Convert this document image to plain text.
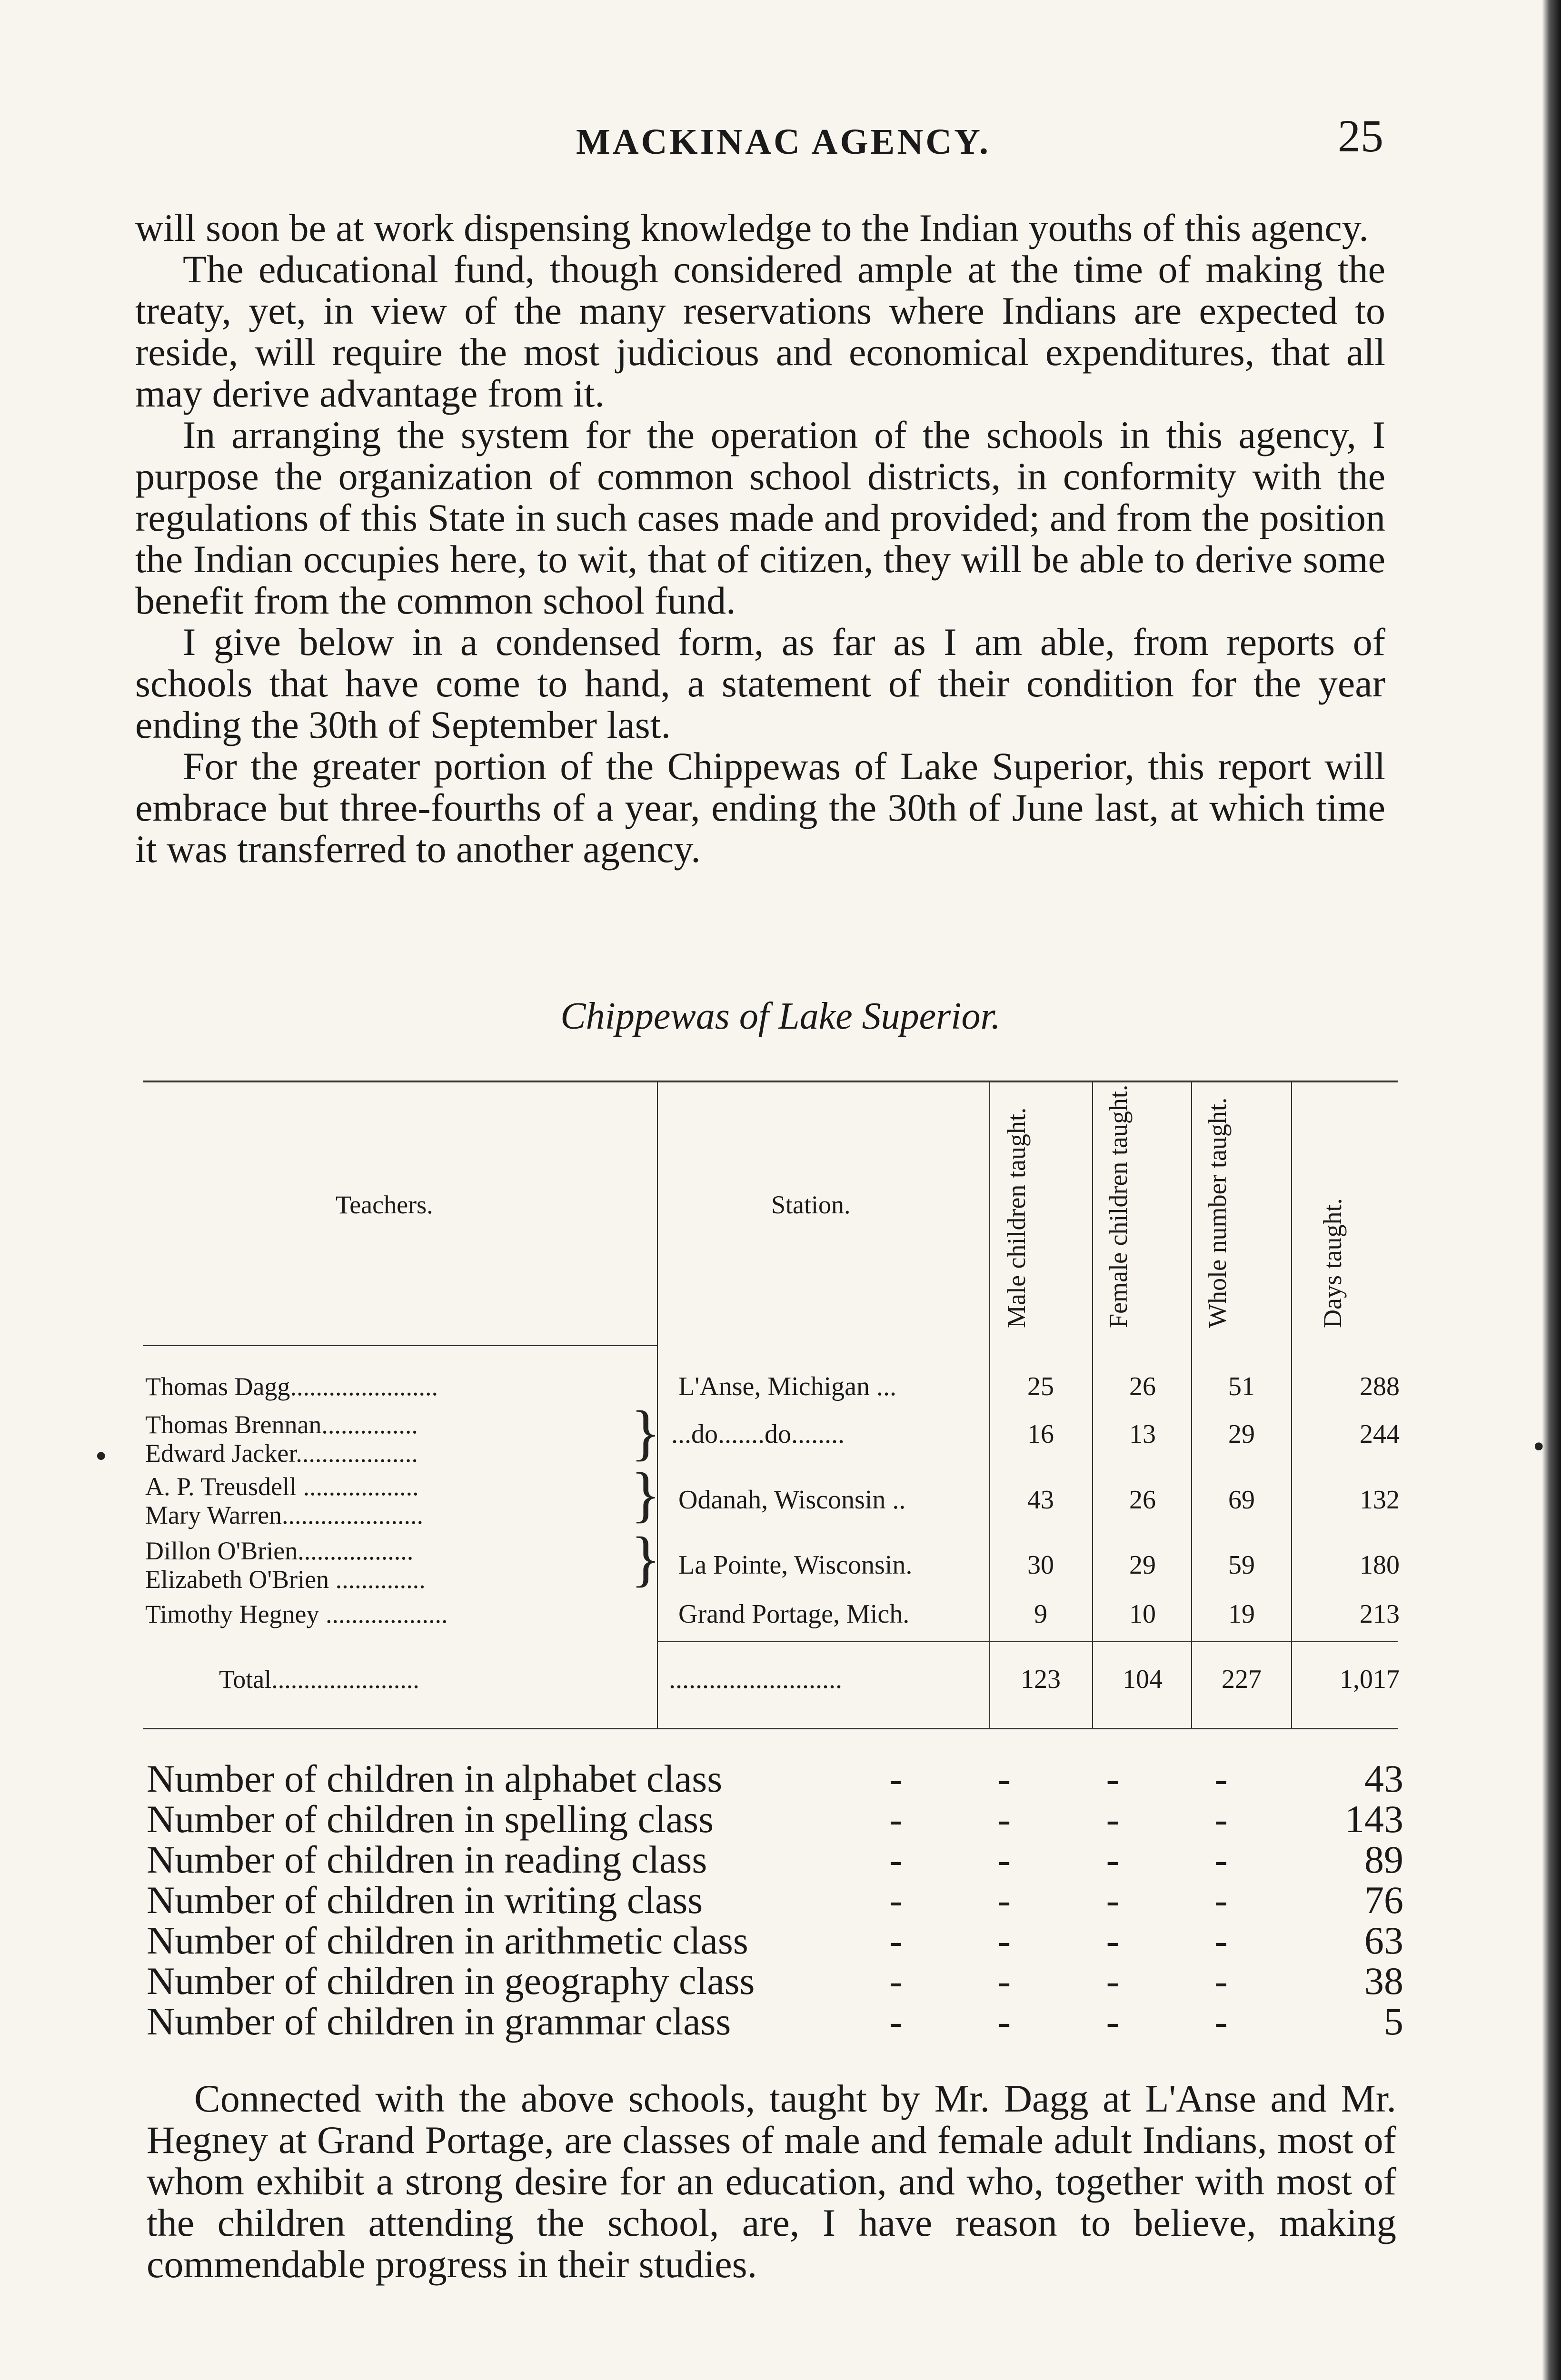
MACKINAC AGENCY.	25

will soon be at work dispensing knowledge to the Indian youths of this agency.

The educational fund, though considered ample at the time of making the treaty, yet, in view of the many reservations where Indians are expected to reside, will require the most judicious and economical expenditures, that all may derive advantage from it.

In arranging the system for the operation of the schools in this agency, I purpose the organization of common school districts, in conformity with the regulations of this State in such cases made and provided; and from the position the Indian occupies here, to wit, that of citizen, they will be able to derive some benefit from the common school fund.

I give below in a condensed form, as far as I am able, from reports of schools that have come to hand, a statement of their condition for the year ending the 30th of September last.

For the greater portion of the Chippewas of Lake Superior, this report will embrace but three-fourths of a year, ending the 30th of June last, at which time it was transferred to another agency.

Chippewas of Lake Superior.
Teachers.	Station.	Male children taught.	Female children taught.	Whole number taught.	Days taught.
Thomas Dagg.......................	L'Anse, Michigan ...	25	26	51	288
Thomas Brennan...............
Edward Jacker...................	} ...do.......do........	16	13	29	244
A. P. Treusdell ..................
Mary Warren......................	} Odanah, Wisconsin ..	43	26	69	132
Dillon O'Brien..................
Elizabeth O'Brien ..............	} La Pointe, Wisconsin.	30	29	59	180
Timothy Hegney ...................	Grand Portage, Mich.	9	10	19	213
Total.......................	..........................	123	104	227	1,017
Number of children in alphabet class	- - - -	43
Number of children in spelling class	- - - -	143
Number of children in reading class	- - - -	89
Number of children in writing class	- - - -	76
Number of children in arithmetic class	- - - -	63
Number of children in geography class	- - - -	38
Number of children in grammar class	- - - -	5

Connected with the above schools, taught by Mr. Dagg at L'Anse and Mr. Hegney at Grand Portage, are classes of male and female adult Indians, most of whom exhibit a strong desire for an education, and who, together with most of the children attending the school, are, I have reason to believe, making commendable progress in their studies.

•	•
